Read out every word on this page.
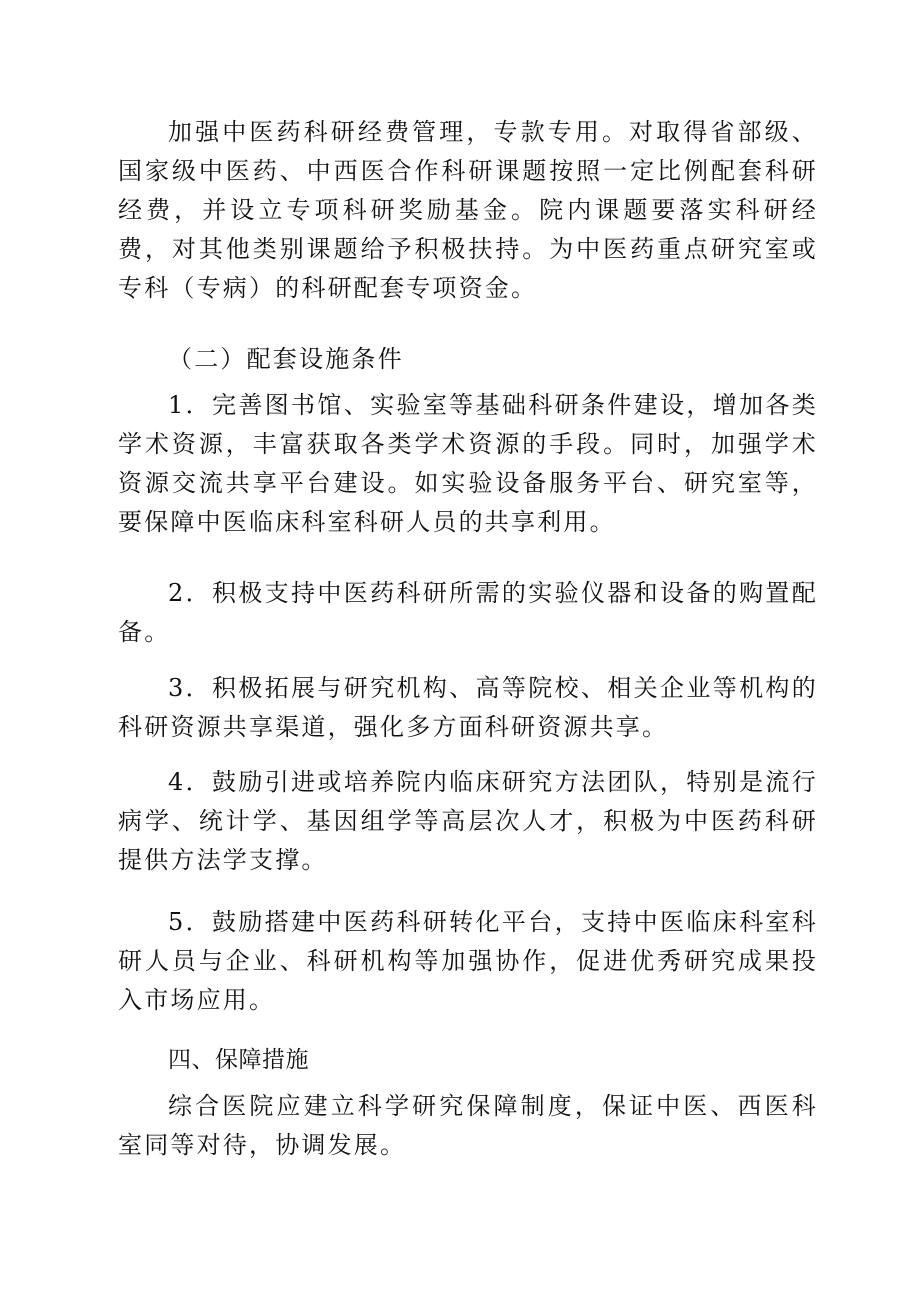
加强中医药科研经费管理，专款专用。对取得省部级、国家级中医药、中西医合作科研课题按照一定比例配套科研经费，并设立专项科研奖励基金。院内课题要落实科研经费，对其他类别课题给予积极扶持。为中医药重点研究室或专科（专病）的科研配套专项资金。

（二）配套设施条件

1．完善图书馆、实验室等基础科研条件建设，增加各类学术资源，丰富获取各类学术资源的手段。同时，加强学术资源交流共享平台建设。如实验设备服务平台、研究室等，要保障中医临床科室科研人员的共享利用。

2．积极支持中医药科研所需的实验仪器和设备的购置配备。

3．积极拓展与研究机构、高等院校、相关企业等机构的科研资源共享渠道，强化多方面科研资源共享。

4．鼓励引进或培养院内临床研究方法团队，特别是流行病学、统计学、基因组学等高层次人才，积极为中医药科研提供方法学支撑。

5．鼓励搭建中医药科研转化平台，支持中医临床科室科研人员与企业、科研机构等加强协作，促进优秀研究成果投入市场应用。

四、保障措施

综合医院应建立科学研究保障制度，保证中医、西医科室同等对待，协调发展。
